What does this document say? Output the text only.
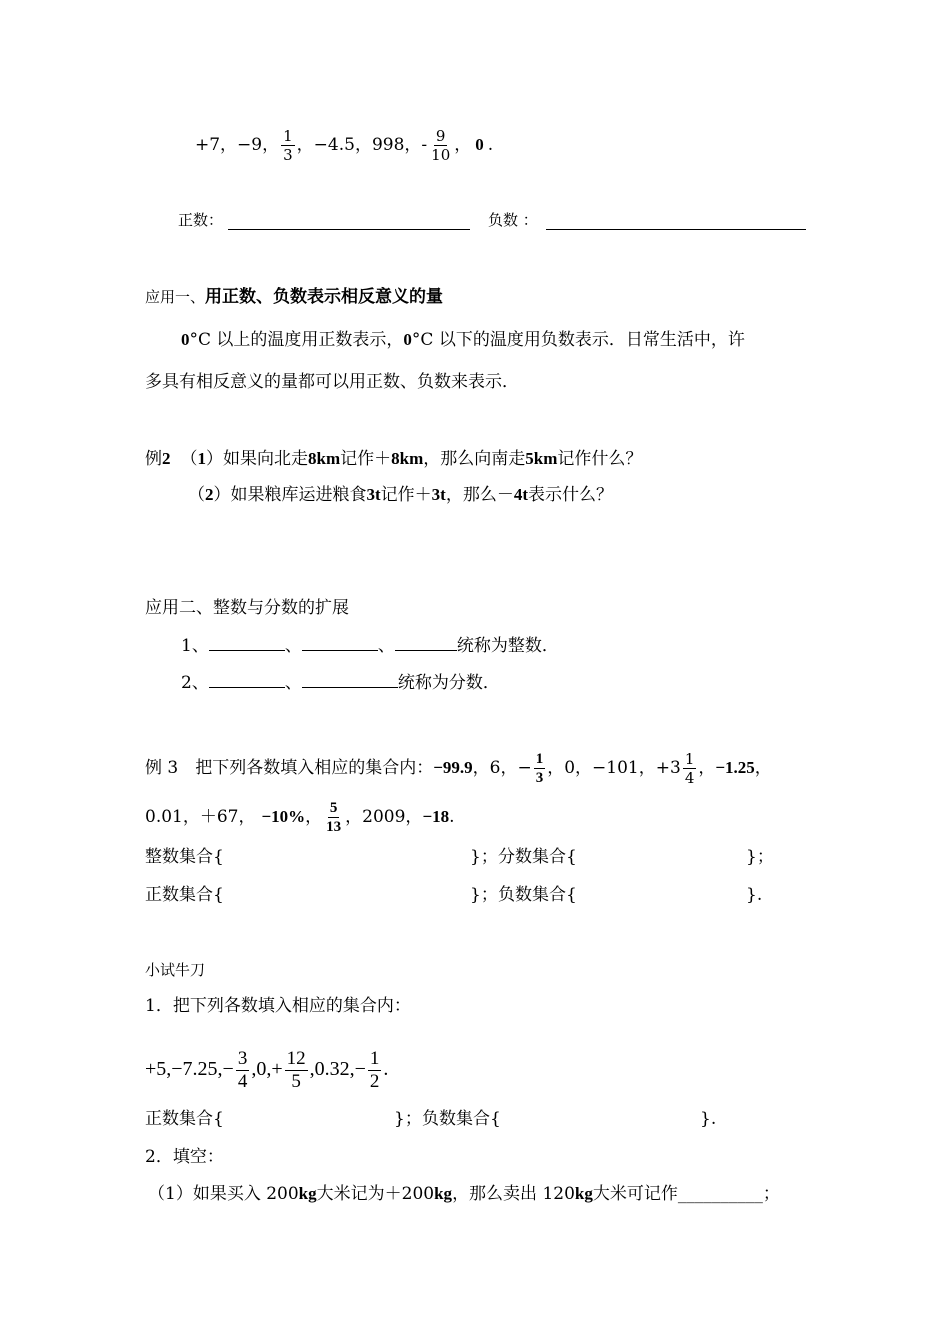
+7，−9， $\frac{1}{3}$ ，−4.5，998，- $\frac{9}{10}$ ， 0 .
正数：	负数 ：
应用一、用正数、负数表示相反意义的量
0°C 以上的温度用正数表示，0°C 以下的温度用负数表示．日常生活中，许
多具有相反意义的量都可以用正数、负数来表示．
例2 （1）如果向北走8km记作＋8km，那么向南走5km记作什么？
（2）如果粮库运进粮食3t记作＋3t，那么－4t表示什么？
应用二、整数与分数的扩展
1、	、	、	统称为整数．
2、	、	统称为分数．
例 3　把下列各数填入相应的集合内：−99.9，6，− $\frac{1}{3}$ ，0，−101，$+3 \frac{1}{4}$ ，−1.25，
0.01，＋67， −10%， $\frac{5}{13}$ ，2009，−18.
整数集合{	}； 分数集合{	}；
正数集合{	}； 负数集合{	}.
小试牛刀
1．把下列各数填入相应的集合内：
$+5,-7.25,- \frac{3}{4} ,0,+ \frac{12}{5} ,0.32,- \frac{1}{2}$ .
正数集合{	}； 负数集合{	}.
2．填空：
（1）如果买入 200kg大米记为＋200kg，那么卖出 120kg大米可记作__________；
